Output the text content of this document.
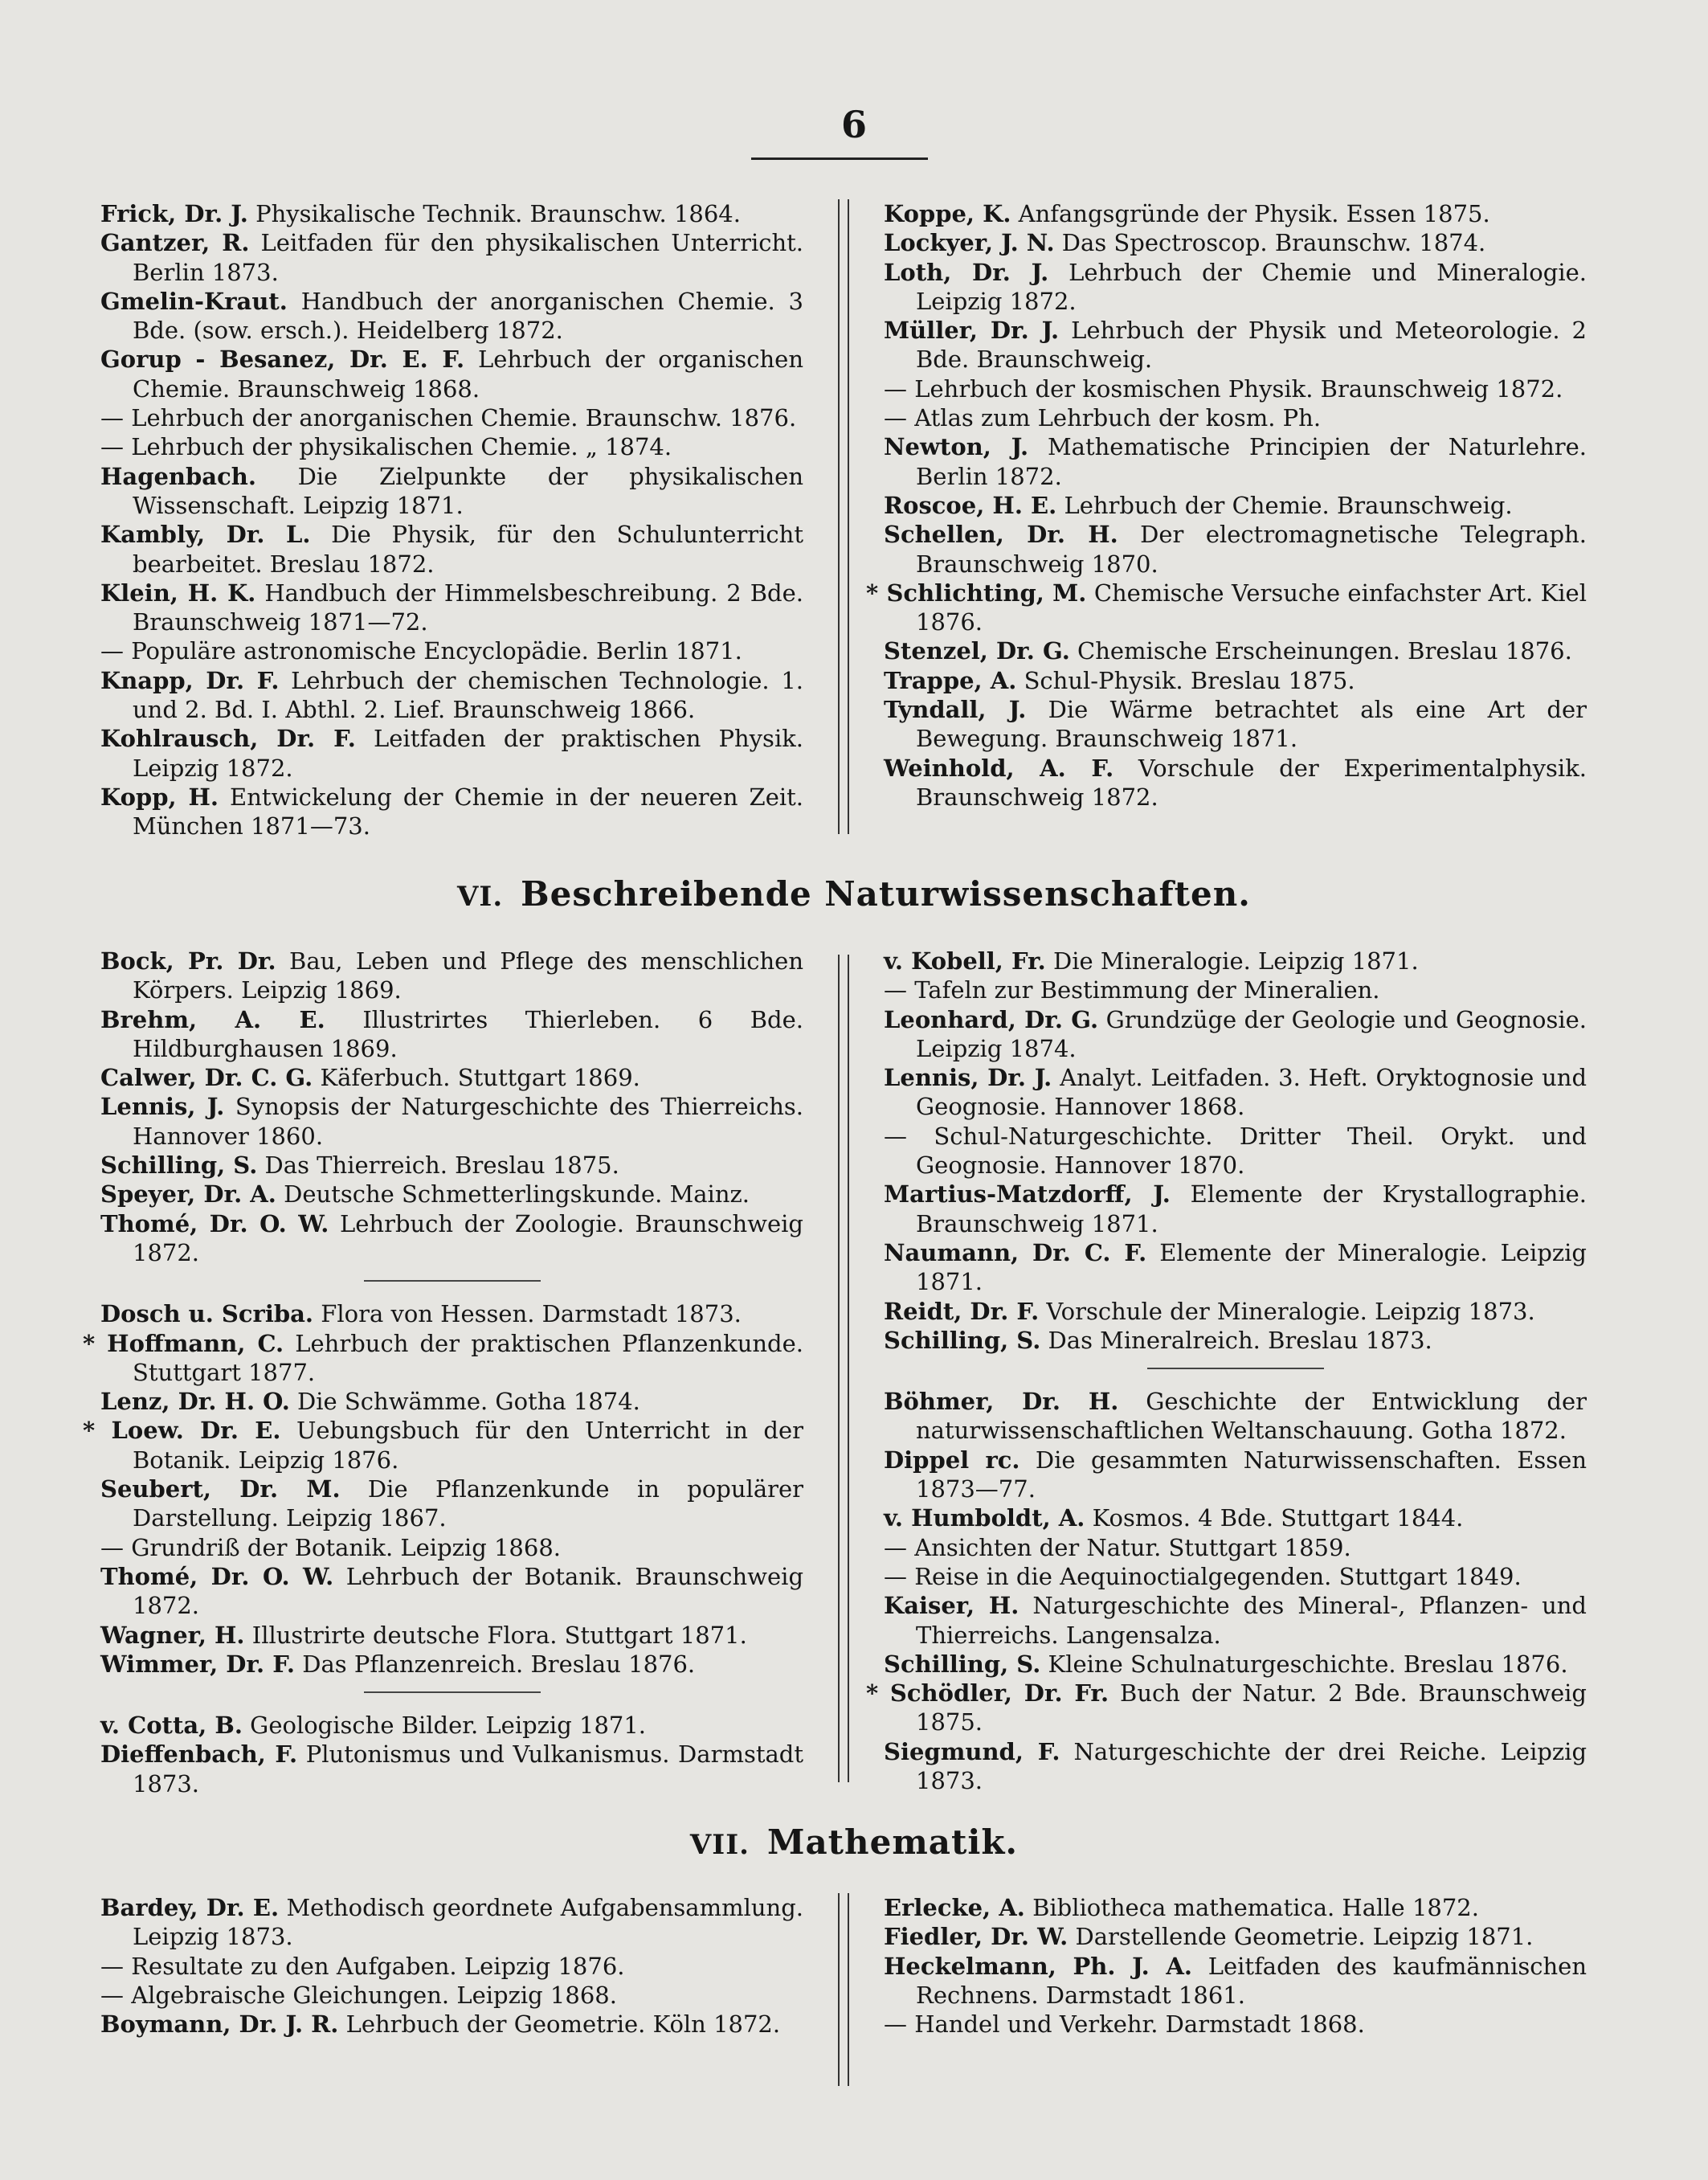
6

Frick, Dr. J. Physikalische Technik. Braunschw. 1864.

Gantzer, R. Leitfaden für den physikalischen Unterricht. Berlin 1873.

Gmelin-Kraut. Handbuch der anorganischen Chemie. 3 Bde. (sow. ersch.). Heidelberg 1872.

Gorup - Besanez, Dr. E. F. Lehrbuch der organischen Chemie. Braunschweig 1868.

— Lehrbuch der anorganischen Chemie. Braunschw. 1876.

— Lehrbuch der physikalischen Chemie. „ 1874.

Hagenbach. Die Zielpunkte der physikalischen Wissenschaft. Leipzig 1871.

Kambly, Dr. L. Die Physik, für den Schulunterricht bearbeitet. Breslau 1872.

Klein, H. K. Handbuch der Himmelsbeschreibung. 2 Bde. Braunschweig 1871—72.

— Populäre astronomische Encyclopädie. Berlin 1871.

Knapp, Dr. F. Lehrbuch der chemischen Technologie. 1. und 2. Bd. I. Abthl. 2. Lief. Braunschweig 1866.

Kohlrausch, Dr. F. Leitfaden der praktischen Physik. Leipzig 1872.

Kopp, H. Entwickelung der Chemie in der neueren Zeit. München 1871—73.

Koppe, K. Anfangsgründe der Physik. Essen 1875.

Lockyer, J. N. Das Spectroscop. Braunschw. 1874.

Loth, Dr. J. Lehrbuch der Chemie und Mineralogie. Leipzig 1872.

Müller, Dr. J. Lehrbuch der Physik und Meteorologie. 2 Bde. Braunschweig.

— Lehrbuch der kosmischen Physik. Braunschweig 1872.

— Atlas zum Lehrbuch der kosm. Ph.

Newton, J. Mathematische Principien der Naturlehre. Berlin 1872.

Roscoe, H. E. Lehrbuch der Chemie. Braunschweig.

Schellen, Dr. H. Der electromagnetische Telegraph. Braunschweig 1870.

* Schlichting, M. Chemische Versuche einfachster Art. Kiel 1876.

Stenzel, Dr. G. Chemische Erscheinungen. Breslau 1876.

Trappe, A. Schul-Physik. Breslau 1875.

Tyndall, J. Die Wärme betrachtet als eine Art der Bewegung. Braunschweig 1871.

Weinhold, A. F. Vorschule der Experimentalphysik. Braunschweig 1872.

VI. Beschreibende Naturwissenschaften.

Bock, Pr. Dr. Bau, Leben und Pflege des menschlichen Körpers. Leipzig 1869.

Brehm, A. E. Illustrirtes Thierleben. 6 Bde. Hildburghausen 1869.

Calwer, Dr. C. G. Käferbuch. Stuttgart 1869.

Lennis, J. Synopsis der Naturgeschichte des Thierreichs. Hannover 1860.

Schilling, S. Das Thierreich. Breslau 1875.

Speyer, Dr. A. Deutsche Schmetterlingskunde. Mainz.

Thomé, Dr. O. W. Lehrbuch der Zoologie. Braunschweig 1872.

Dosch u. Scriba. Flora von Hessen. Darmstadt 1873.

* Hoffmann, C. Lehrbuch der praktischen Pflanzenkunde. Stuttgart 1877.

Lenz, Dr. H. O. Die Schwämme. Gotha 1874.

* Loew. Dr. E. Uebungsbuch für den Unterricht in der Botanik. Leipzig 1876.

Seubert, Dr. M. Die Pflanzenkunde in populärer Darstellung. Leipzig 1867.

— Grundriß der Botanik. Leipzig 1868.

Thomé, Dr. O. W. Lehrbuch der Botanik. Braunschweig 1872.

Wagner, H. Illustrirte deutsche Flora. Stuttgart 1871.

Wimmer, Dr. F. Das Pflanzenreich. Breslau 1876.

v. Cotta, B. Geologische Bilder. Leipzig 1871.

Dieffenbach, F. Plutonismus und Vulkanismus. Darmstadt 1873.

v. Kobell, Fr. Die Mineralogie. Leipzig 1871.

— Tafeln zur Bestimmung der Mineralien.

Leonhard, Dr. G. Grundzüge der Geologie und Geognosie. Leipzig 1874.

Lennis, Dr. J. Analyt. Leitfaden. 3. Heft. Oryktognosie und Geognosie. Hannover 1868.

— Schul-Naturgeschichte. Dritter Theil. Orykt. und Geognosie. Hannover 1870.

Martius-Matzdorff, J. Elemente der Krystallographie. Braunschweig 1871.

Naumann, Dr. C. F. Elemente der Mineralogie. Leipzig 1871.

Reidt, Dr. F. Vorschule der Mineralogie. Leipzig 1873.

Schilling, S. Das Mineralreich. Breslau 1873.

Böhmer, Dr. H. Geschichte der Entwicklung der naturwissenschaftlichen Weltanschauung. Gotha 1872.

Dippel rc. Die gesammten Naturwissenschaften. Essen 1873—77.

v. Humboldt, A. Kosmos. 4 Bde. Stuttgart 1844.

— Ansichten der Natur. Stuttgart 1859.

— Reise in die Aequinoctialgegenden. Stuttgart 1849.

Kaiser, H. Naturgeschichte des Mineral-, Pflanzen- und Thierreichs. Langensalza.

Schilling, S. Kleine Schulnaturgeschichte. Breslau 1876.

* Schödler, Dr. Fr. Buch der Natur. 2 Bde. Braunschweig 1875.

Siegmund, F. Naturgeschichte der drei Reiche. Leipzig 1873.

VII. Mathematik.

Bardey, Dr. E. Methodisch geordnete Aufgabensammlung. Leipzig 1873.

— Resultate zu den Aufgaben. Leipzig 1876.

— Algebraische Gleichungen. Leipzig 1868.

Boymann, Dr. J. R. Lehrbuch der Geometrie. Köln 1872.

Erlecke, A. Bibliotheca mathematica. Halle 1872.

Fiedler, Dr. W. Darstellende Geometrie. Leipzig 1871.

Heckelmann, Ph. J. A. Leitfaden des kaufmännischen Rechnens. Darmstadt 1861.

— Handel und Verkehr. Darmstadt 1868.
